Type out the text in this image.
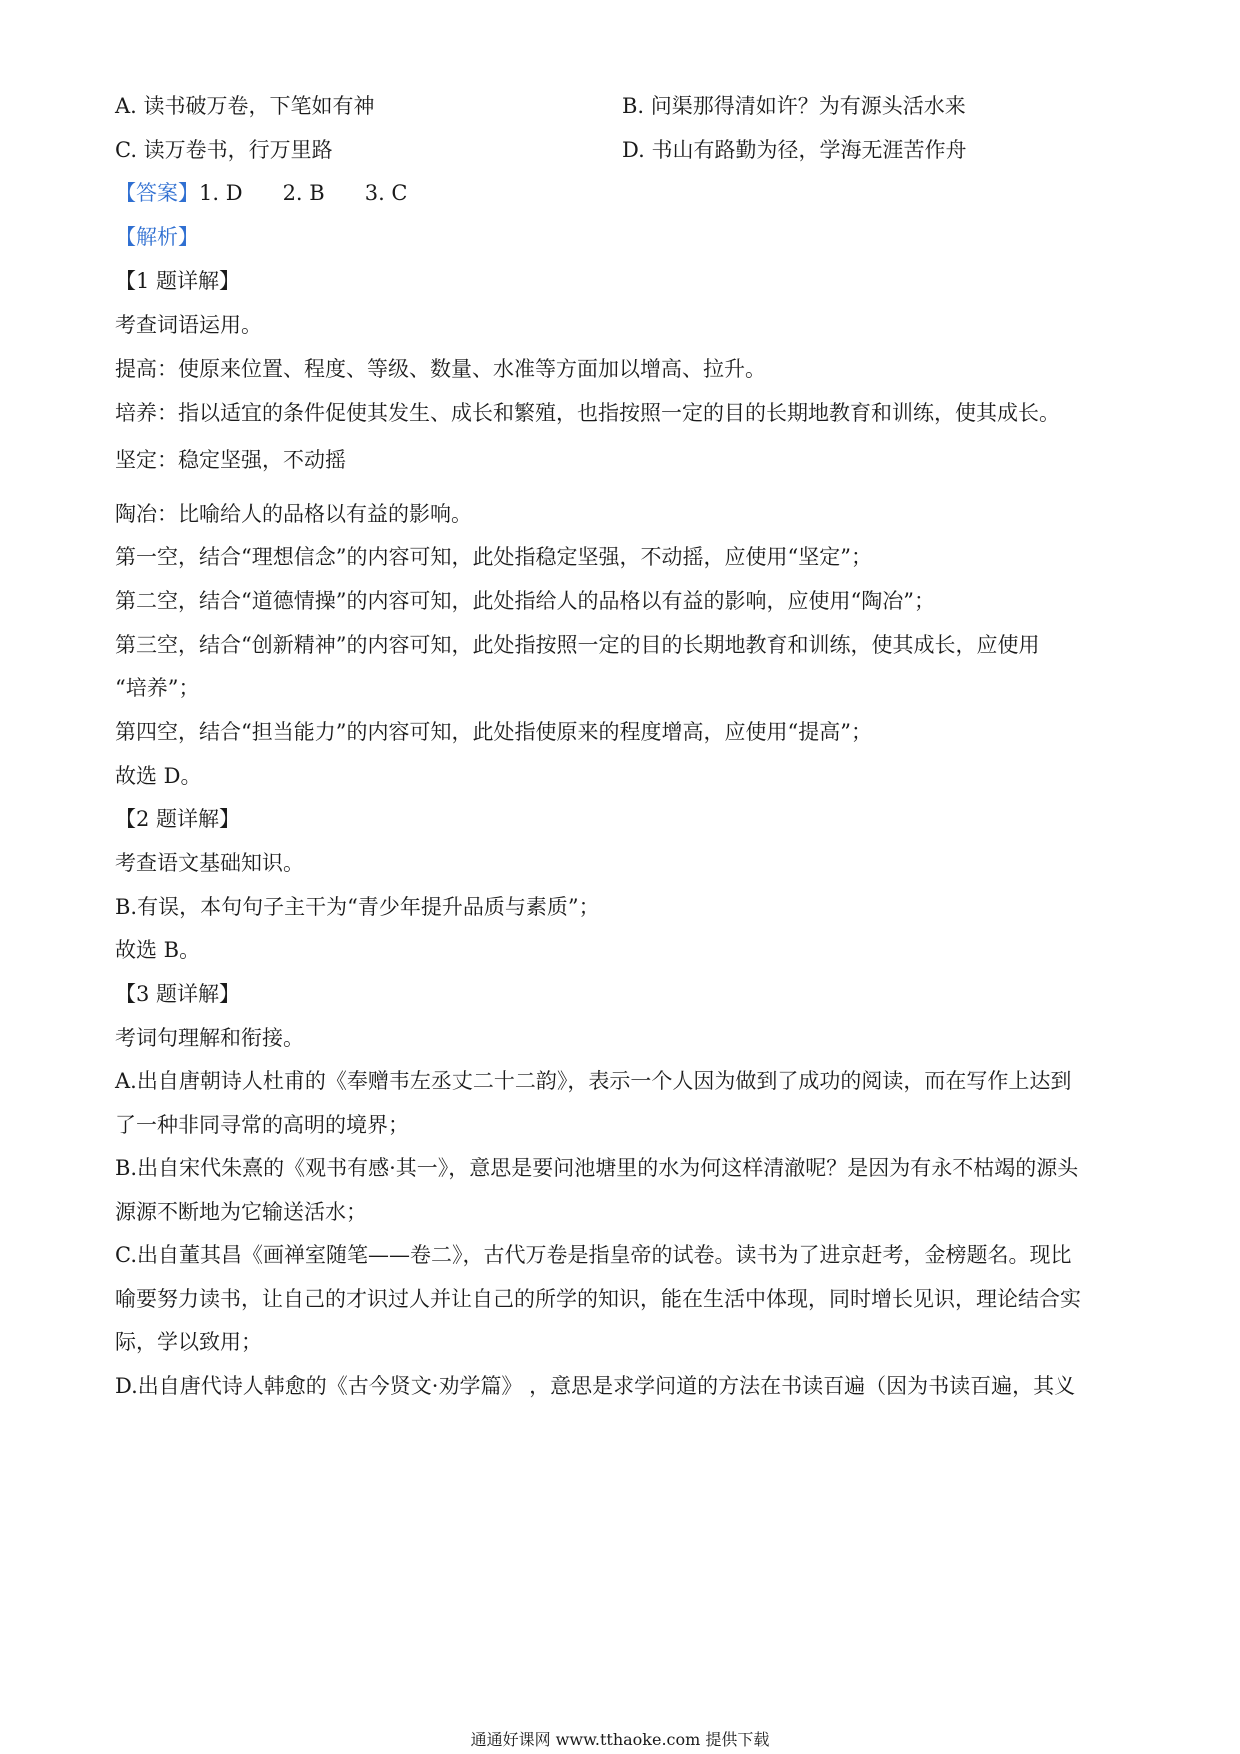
A. 读书破万卷，下笔如有神	B. 问渠那得清如许？为有源头活水来
C. 读万卷书，行万里路	D. 书山有路勤为径，学海无涯苦作舟
【答案】1. D 2. B 3. C
【解析】
【1 题详解】
考查词语运用。
提高：使原来位置、程度、等级、数量、水准等方面加以增高、拉升。
培养：指以适宜的条件促使其发生、成长和繁殖，也指按照一定的目的长期地教育和训练，使其成长。
坚定：稳定坚强，不动摇
陶冶：比喻给人的品格以有益的影响。
第一空，结合“理想信念”的内容可知，此处指稳定坚强，不动摇，应使用“坚定”；
第二空，结合“道德情操”的内容可知，此处指给人的品格以有益的影响，应使用“陶冶”；
第三空，结合“创新精神”的内容可知，此处指按照一定的目的长期地教育和训练，使其成长，应使用
“培养”；
第四空，结合“担当能力”的内容可知，此处指使原来的程度增高，应使用“提高”；
故选 D。
【2 题详解】
考查语文基础知识。
B.有误，本句句子主干为“青少年提升品质与素质”；
故选 B。
【3 题详解】
考词句理解和衔接。
A.出自唐朝诗人杜甫的《奉赠韦左丞丈二十二韵》，表示一个人因为做到了成功的阅读，而在写作上达到
了一种非同寻常的高明的境界；
B.出自宋代朱熹的《观书有感·其一》，意思是要问池塘里的水为何这样清澈呢？是因为有永不枯竭的源头
源源不断地为它输送活水；
C.出自董其昌《画禅室随笔——卷二》，古代万卷是指皇帝的试卷。读书为了进京赶考，金榜题名。现比
喻要努力读书，让自己的才识过人并让自己的所学的知识，能在生活中体现，同时增长见识，理论结合实
际，学以致用；
D.出自唐代诗人韩愈的《古今贤文·劝学篇》 ，意思是求学问道的方法在书读百遍（因为书读百遍，其义
通通好课网 www.tthaoke.com 提供下载
